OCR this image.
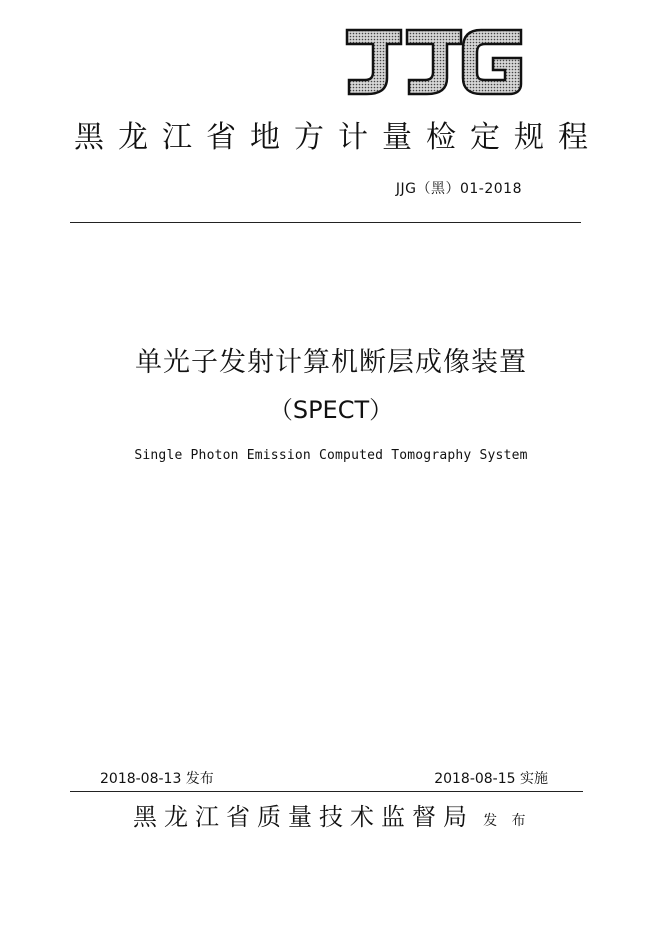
黑龙江省地方计量检定规程
JJG（黑）01-2018
单光子发射计算机断层成像装置
（SPECT）
Single Photon Emission Computed Tomography System
2018-08-13 发布	2018-08-15 实施
黑龙江省质量技术监督局 发 布
